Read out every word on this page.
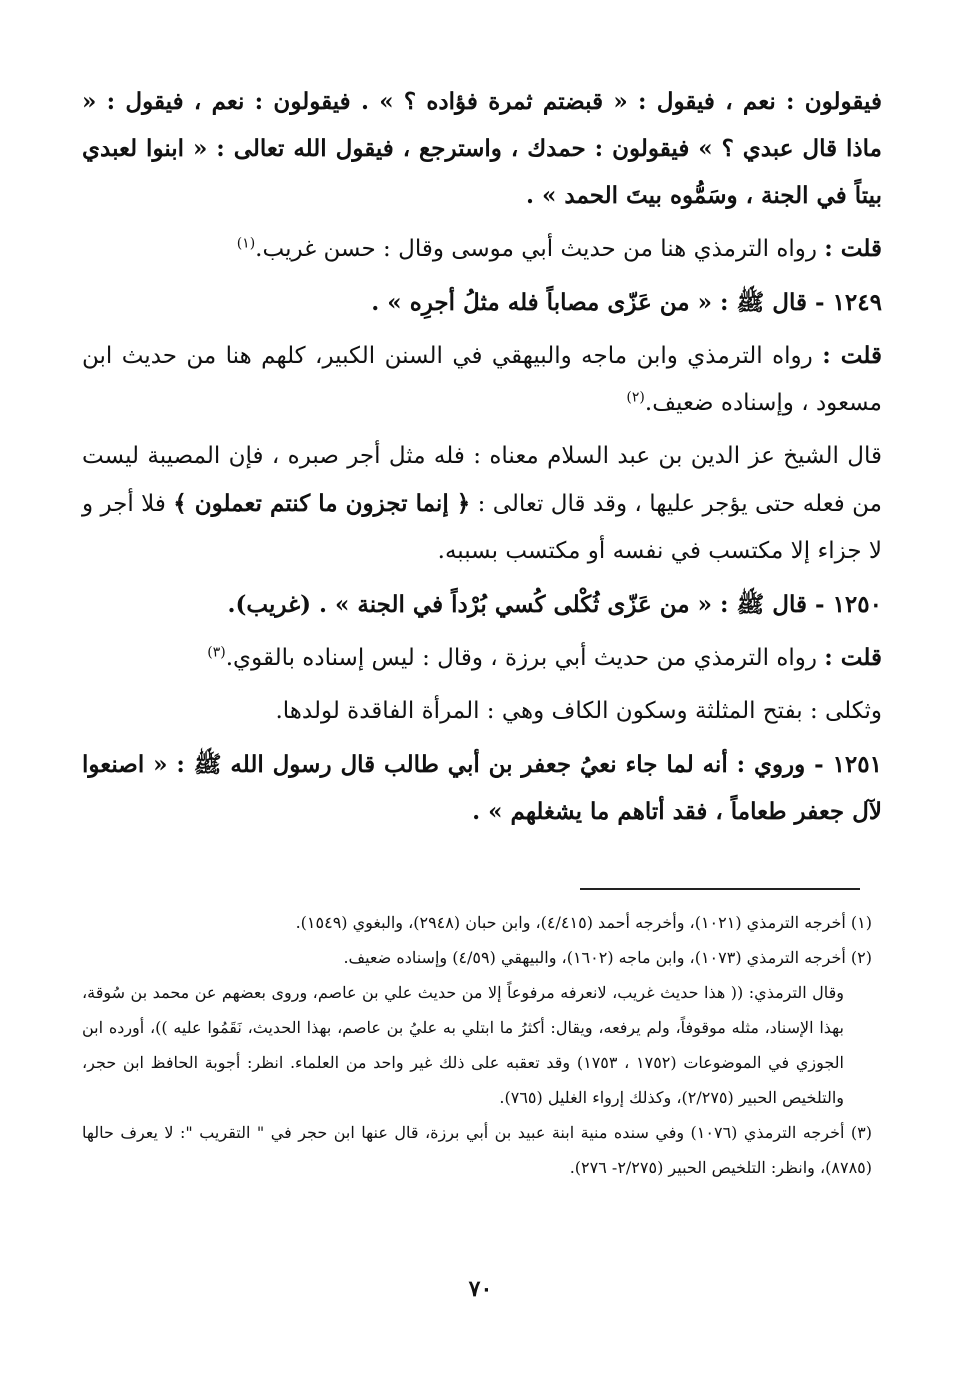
فيقولون : نعم ، فيقول : « قبضتم ثمرة فؤاده ؟ » . فيقولون : نعم ، فيقول : « ماذا قال عبدي ؟ » فيقولون : حمدك ، واسترجع ، فيقول الله تعالى : « ابنوا لعبدي بيتاً في الجنة ، وسَمُّوه بيتَ الحمد » .

قلت : رواه الترمذي هنا من حديث أبي موسى وقال : حسن غريب.$^{(١)}$

١٢٤٩ - قال ﷺ : « من عَزّى مصاباً فله مثلُ أجرِه » .

قلت : رواه الترمذي وابن ماجه والبيهقي في السنن الكبير، كلهم هنا من حديث ابن مسعود ، وإسناده ضعيف.$^{(٢)}$

قال الشيخ عز الدين بن عبد السلام معناه : فله مثل أجر صبره ، فإن المصيبة ليست من فعله حتى يؤجر عليها ، وقد قال تعالى : ﴿ إنما تجزون ما كنتم تعملون ﴾ فلا أجر و لا جزاء إلا مكتسب في نفسه أو مكتسب بسببه.

١٢٥٠ - قال ﷺ : « من عَزّى ثُكْلى كُسي بُرْداً في الجنة » . (غريب).

قلت : رواه الترمذي من حديث أبي برزة ، وقال : ليس إسناده بالقوي.$^{(٣)}$

وثكلى : بفتح المثلثة وسكون الكاف وهي : المرأة الفاقدة لولدها.

١٢٥١ - وروي : أنه لما جاء نعيُ جعفر بن أبي طالب قال رسول الله ﷺ : « اصنعوا لآل جعفر طعاماً ، فقد أتاهم ما يشغلهم » .

(١) أخرجه الترمذي (١٠٢١)، وأخرجه أحمد (٤/٤١٥)، وابن حبان (٢٩٤٨)، والبغوي (١٥٤٩).

(٢) أخرجه الترمذي (١٠٧٣)، وابن ماجه (١٦٠٢)، والبيهقي (٤/٥٩) وإسناده ضعيف.

وقال الترمذي: (( هذا حديث غريب، لانعرفه مرفوعاً إلا من حديث علي بن عاصم، وروى بعضهم عن محمد بن سُوقة، بهذا الإسناد، مثله موقوفاً، ولم يرفعه، ويقال: أكثرُ ما ابتلي به عليُ بن عاصم، بهذا الحديث، نَقَمُوا عليه ))، أورده ابن الجوزي في الموضوعات (١٧٥٢ ، ١٧٥٣) وقد تعقبه على ذلك غير واحد من العلماء. انظر: أجوبة الحافظ ابن حجر، والتلخيص الحبير (٢/٢٧٥)، وكذلك إرواء الغليل (٧٦٥).

(٣) أخرجه الترمذي (١٠٧٦) وفي سنده منية ابنة عبيد بن أبي برزة، قال عنها ابن حجر في " التقريب ": لا يعرف حالها (٨٧٨٥)، وانظر: التلخيص الحبير (٢/٢٧٥- ٢٧٦).

٧٠
